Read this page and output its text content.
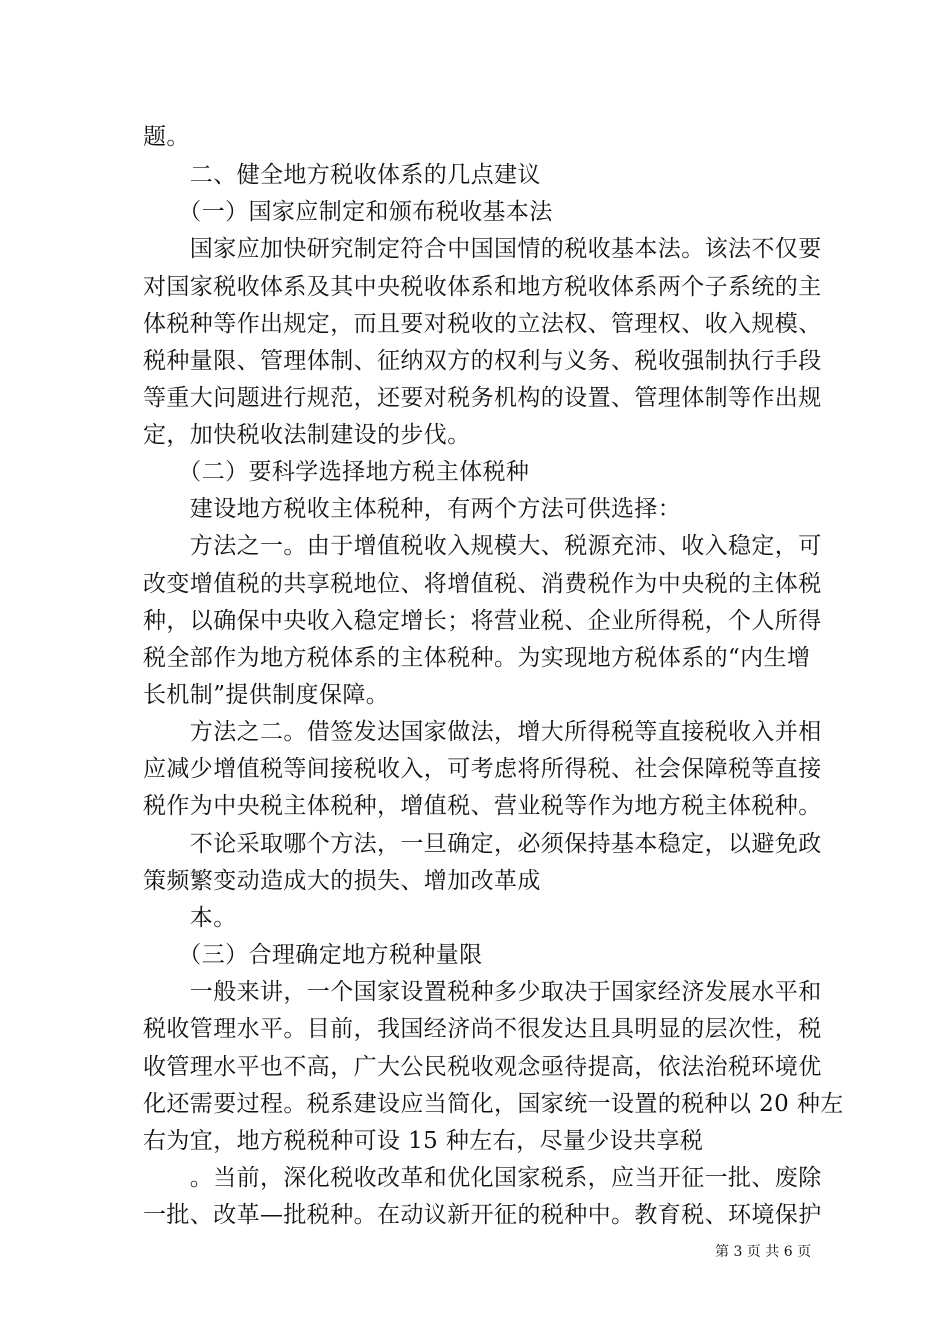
题。
　　二、健全地方税收体系的几点建议
　　（一）国家应制定和颁布税收基本法
　　国家应加快研究制定符合中国国情的税收基本法。该法不仅要
对国家税收体系及其中央税收体系和地方税收体系两个子系统的主
体税种等作出规定，而且要对税收的立法权、管理权、收入规模、
税种量限、管理体制、征纳双方的权利与义务、税收强制执行手段
等重大问题进行规范，还要对税务机构的设置、管理体制等作出规
定，加快税收法制建设的步伐。
　　（二）要科学选择地方税主体税种
　　建设地方税收主体税种，有两个方法可供选择：
　　方法之一。由于增值税收入规模大、税源充沛、收入稳定，可
改变增值税的共享税地位、将增值税、消费税作为中央税的主体税
种，以确保中央收入稳定增长；将营业税、企业所得税，个人所得
税全部作为地方税体系的主体税种。为实现地方税体系的“内生增
长机制”提供制度保障。
　　方法之二。借签发达国家做法，增大所得税等直接税收入并相
应减少增值税等间接税收入，可考虑将所得税、社会保障税等直接
税作为中央税主体税种，增值税、营业税等作为地方税主体税种。
　　不论采取哪个方法，一旦确定，必须保持基本稳定，以避免政
策频繁变动造成大的损失、增加改革成
　　本。
　　（三）合理确定地方税种量限
　　一般来讲，一个国家设置税种多少取决于国家经济发展水平和
税收管理水平。目前，我国经济尚不很发达且具明显的层次性，税
收管理水平也不高，广大公民税收观念亟待提高，依法治税环境优
化还需要过程。税系建设应当简化，国家统一设置的税种以 20 种左
右为宜，地方税税种可设 15 种左右，尽量少设共享税
　　。当前，深化税收改革和优化国家税系，应当开征一批、废除
一批、改革—批税种。在动议新开征的税种中。教育税、环境保护
第 3 页 共 6 页
